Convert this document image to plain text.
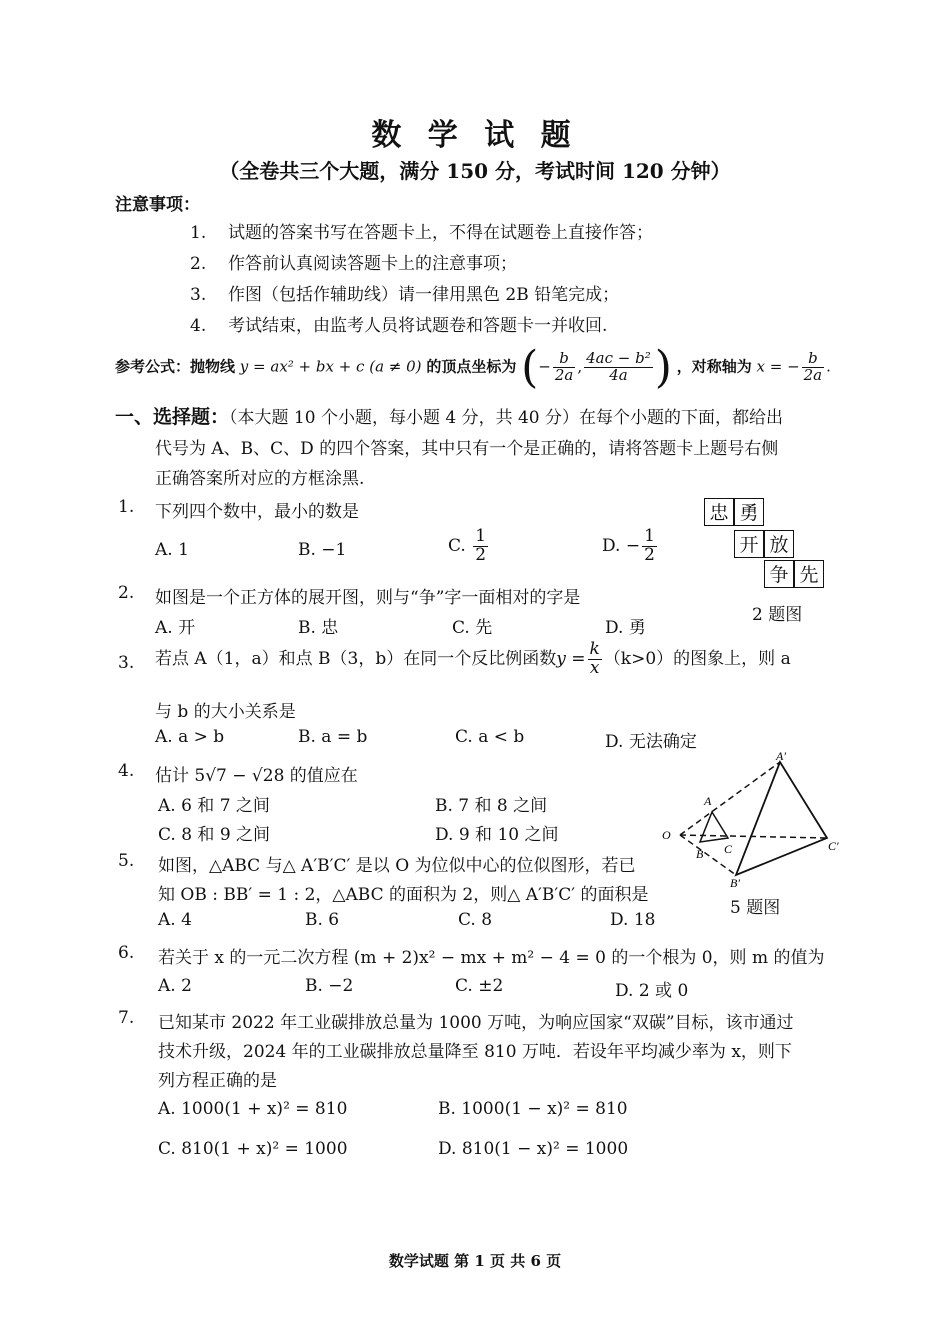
数 学 试 题
（全卷共三个大题，满分 150 分，考试时间 120 分钟）
注意事项：
1. 试题的答案书写在答题卡上，不得在试题卷上直接作答；
2. 作答前认真阅读答题卡上的注意事项；
3. 作图（包括作辅助线）请一律用黑色 2B 铅笔完成；
4. 考试结束，由监考人员将试题卷和答题卡一并收回.
参考公式：抛物线 y = ax² + bx + c (a ≠ 0) 的顶点坐标为 (− $\frac{b}{2a}$ , $\frac{\text{4ac − b²}}{4a}$ ) ，对称轴为 x = − $\frac{b}{2a}$ .
一、选择题：（本大题 10 个小题，每小题 4 分，共 40 分）在每个小题的下面，都给出
代号为 A、B、C、D 的四个答案，其中只有一个是正确的，请将答题卡上题号右侧
正确答案所对应的方框涂黑.
1. 下列四个数中，最小的数是
A. 1	B. −1	C. $\frac{1}{2}$	D. − $\frac{1}{2}$
忠 勇
开 放
争 先
2 题图
2. 如图是一个正方体的展开图，则与“争”字一面相对的字是
A. 开	B. 忠	C. 先	D. 勇
3. 若点 A（1，a）和点 B（3，b）在同一个反比例函数$y = \frac{k}{x} (k>0)$的图象上，则 a
与 b 的大小关系是
A. a > b	B. a = b	C. a < b	D. 无法确定
4. 估计 5√7 − √28 的值应在
A. 6 和 7 之间	B. 7 和 8 之间
C. 8 和 9 之间	D. 9 和 10 之间
A′
A
O
B C	C′
B′
5 题图
5. 如图，△ABC 与△ A′B′C′ 是以 O 为位似中心的位似图形，若已
知 OB : BB′ = 1 : 2，△ABC 的面积为 2，则△ A′B′C′ 的面积是
A. 4	B. 6	C. 8	D. 18
6. 若关于 x 的一元二次方程 (m + 2)x² − mx + m² − 4 = 0 的一个根为 0，则 m 的值为
A. 2	B. −2	C. ±2	D. 2 或 0
7. 已知某市 2022 年工业碳排放总量为 1000 万吨，为响应国家“双碳”目标，该市通过
技术升级，2024 年的工业碳排放总量降至 810 万吨．若设年平均减少率为 x，则下
列方程正确的是
A. 1000(1 + x)² = 810	B. 1000(1 − x)² = 810
C. 810(1 + x)² = 1000	D. 810(1 − x)² = 1000
数学试题 第 1 页 共 6 页
